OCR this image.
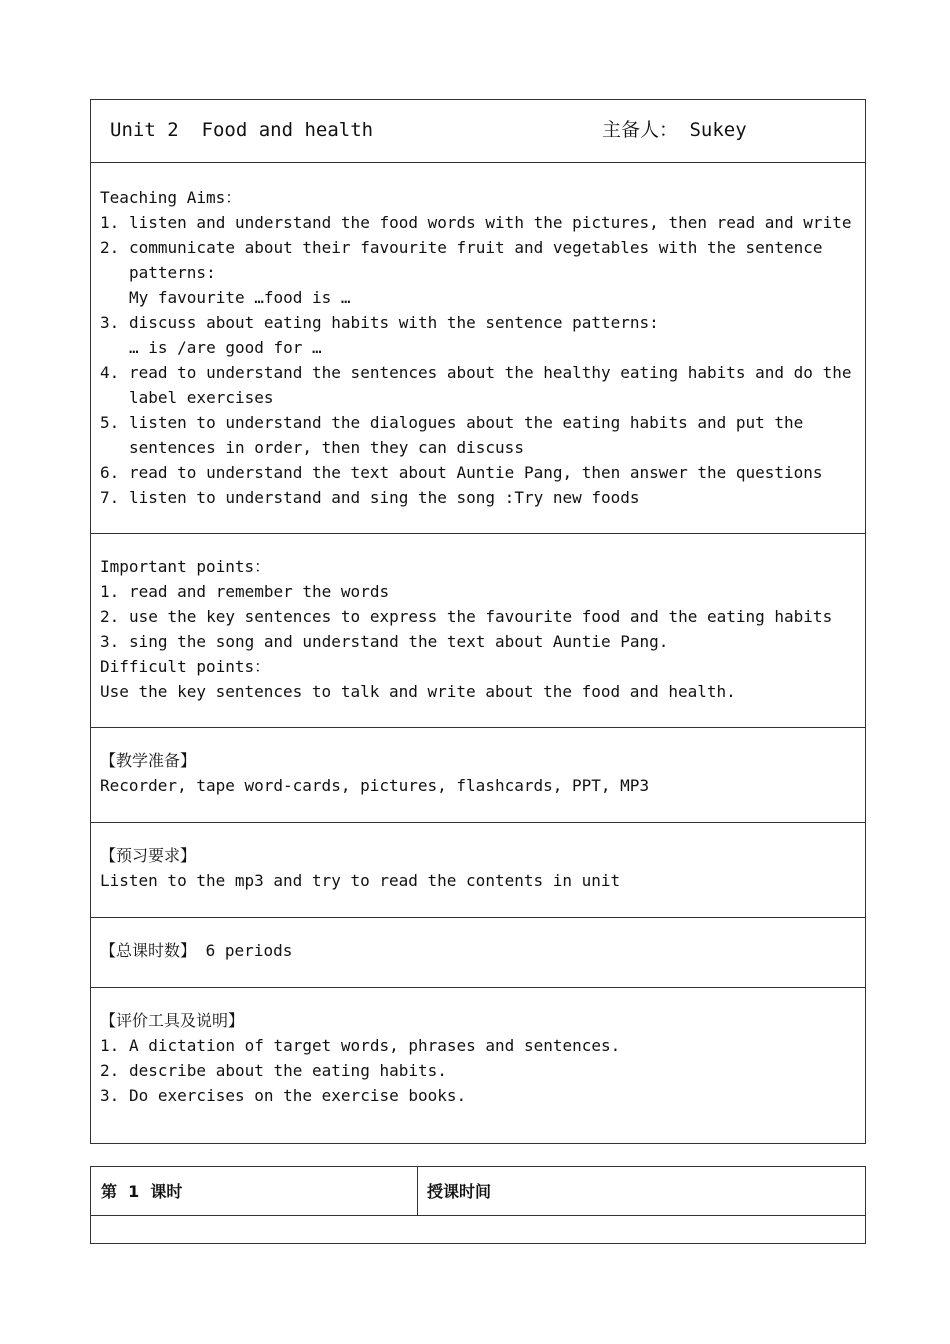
Unit 2  Food and health	主备人： Sukey
Teaching Aims：
1. listen and understand the food words with the pictures, then read and write
2. communicate about their favourite fruit and vegetables with the sentence
patterns:
My favourite …food is …
3. discuss about eating habits with the sentence patterns:
… is /are good for …
4. read to understand the sentences about the healthy eating habits and do the
label exercises
5. listen to understand the dialogues about the eating habits and put the
sentences in order, then they can discuss
6. read to understand the text about Auntie Pang, then answer the questions
7. listen to understand and sing the song :Try new foods
Important points：
1. read and remember the words
2. use the key sentences to express the favourite food and the eating habits
3. sing the song and understand the text about Auntie Pang.
Difficult points：
Use the key sentences to talk and write about the food and health.
【教学准备】
Recorder, tape word-cards, pictures, flashcards, PPT, MP3
【预习要求】
Listen to the mp3 and try to read the contents in unit
【总课时数】 6 periods
【评价工具及说明】
1. A dictation of target words, phrases and sentences.
2. describe about the eating habits.
3. Do exercises on the exercise books.
第  1  课时	授课时间
